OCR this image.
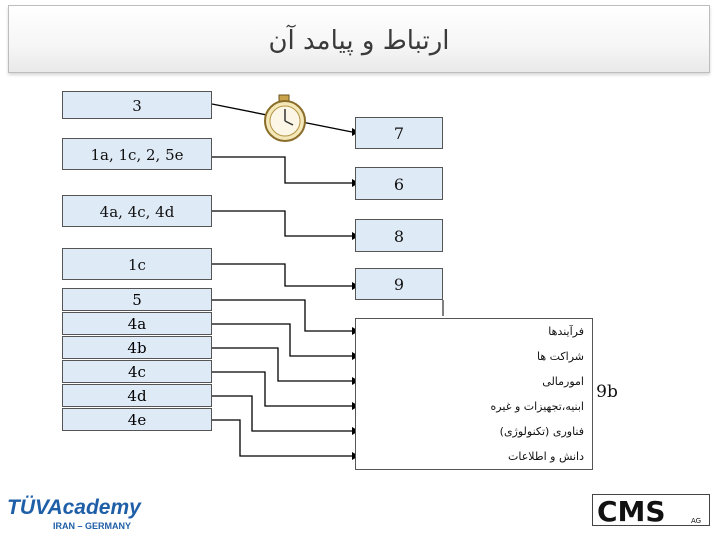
ارتباط و پیامد آن
3
1a, 1c, 2, 5e
4a, 4c, 4d
1c
5
4a
4b
4c
4d
4e
7
6
8
9
فرآیندها
شراکت ها
امورمالی
ابنیه،تجهیزات و غیره
فناوری (تکنولوژی)
دانش و اطلاعات
9b
TÜVAcademy
IRAN – GERMANY	CMS	AG
